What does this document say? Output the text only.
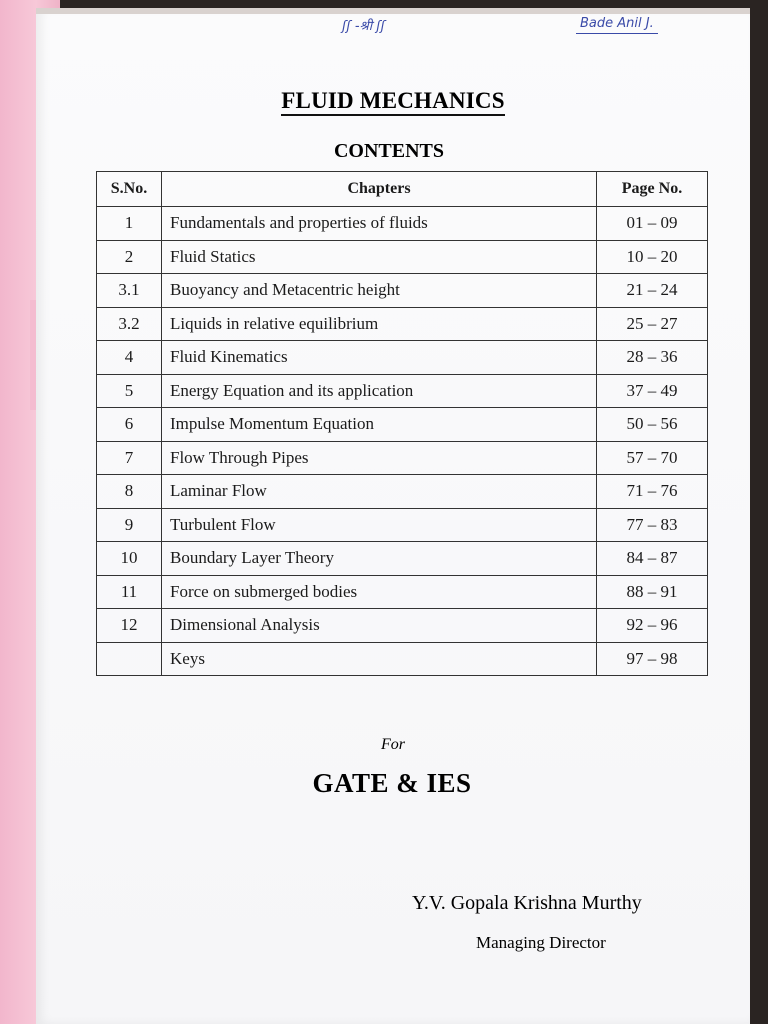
ʃʃ -श्री ʃʃ	Bade Anil J.
FLUID MECHANICS
CONTENTS
S.No.	Chapters	Page No.
1	Fundamentals and properties of fluids	01 – 09
2	Fluid Statics	10 – 20
3.1	Buoyancy and Metacentric height	21 – 24
3.2	Liquids in relative equilibrium	25 – 27
4	Fluid Kinematics	28 – 36
5	Energy Equation and its application	37 – 49
6	Impulse Momentum Equation	50 – 56
7	Flow Through Pipes	57 – 70
8	Laminar Flow	71 – 76
9	Turbulent Flow	77 – 83
10	Boundary Layer Theory	84 – 87
11	Force on submerged bodies	88 – 91
12	Dimensional Analysis	92 – 96
	Keys	97 – 98
For
GATE & IES
Y.V. Gopala Krishna Murthy
Managing Director
